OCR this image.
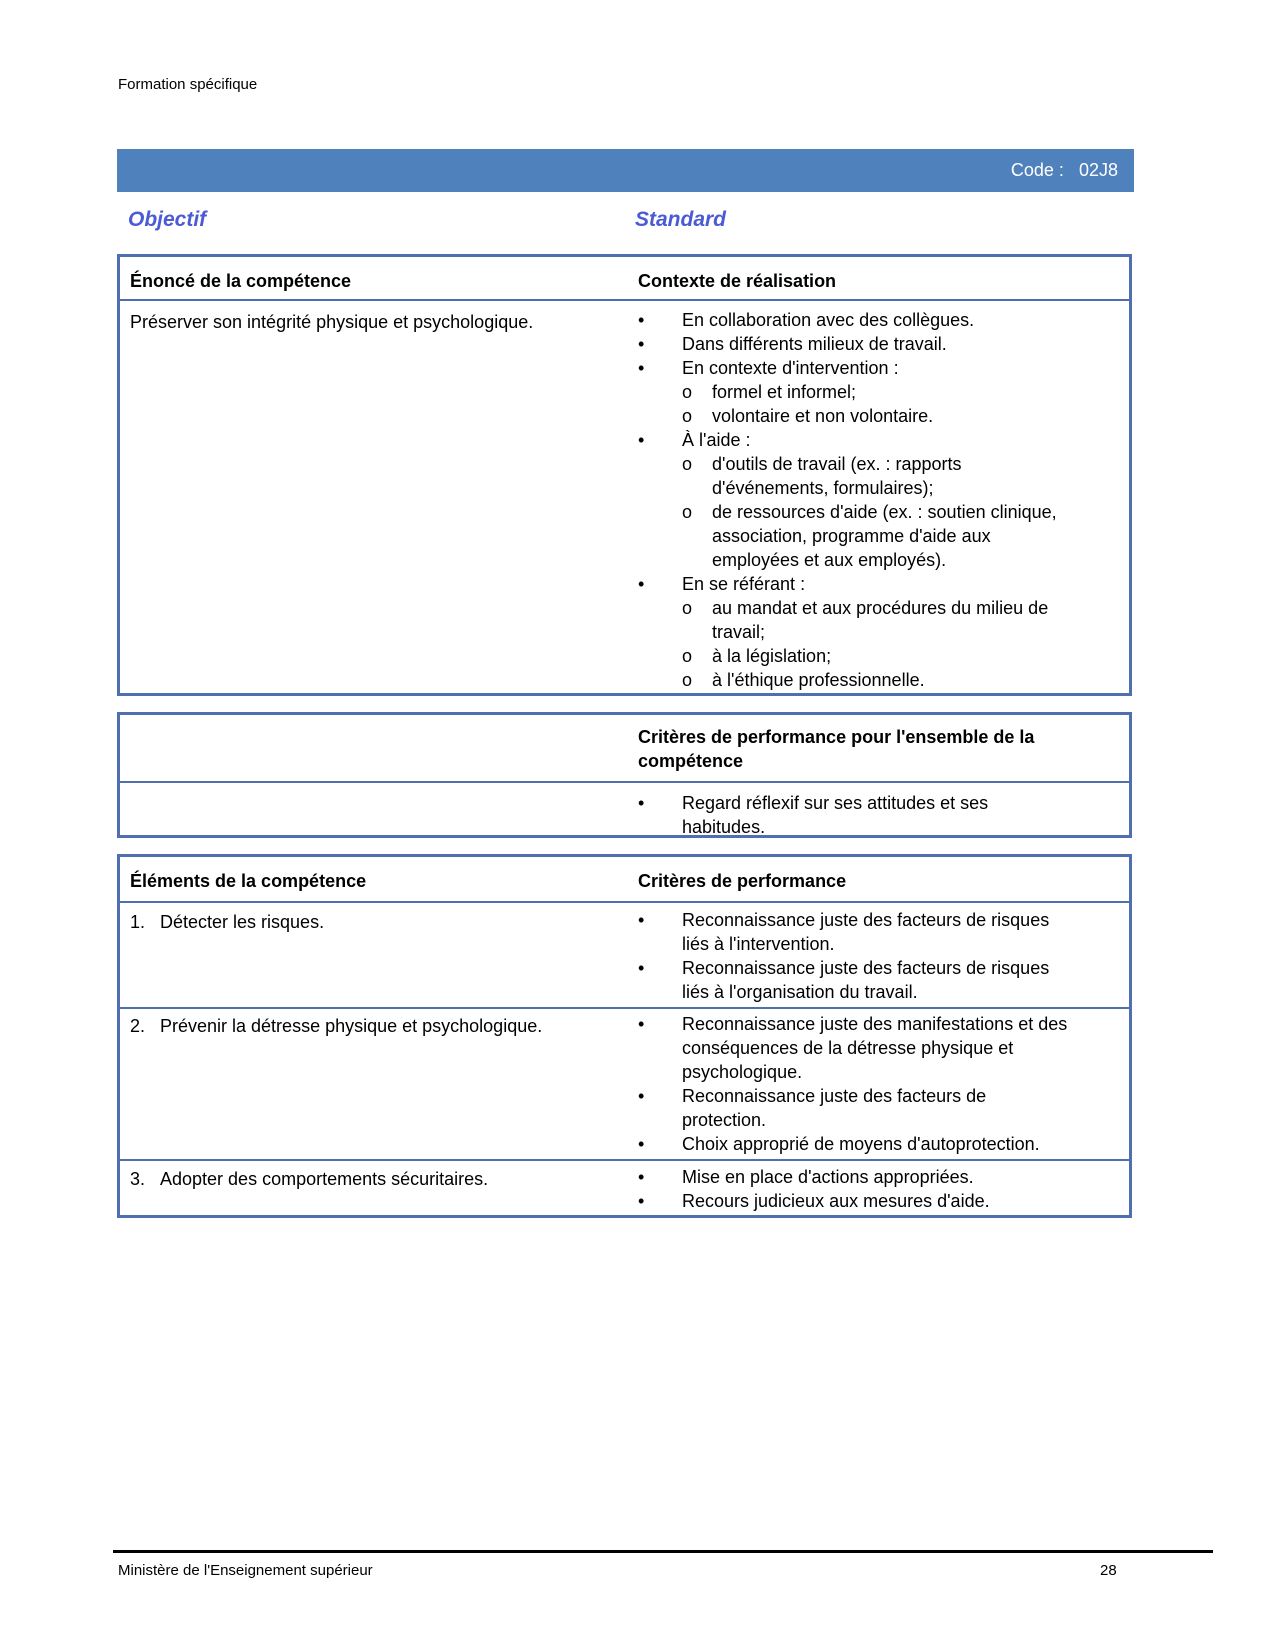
Formation spécifique
Code : 02J8
Objectif	Standard
Énoncé de la compétence	Contexte de réalisation
Préserver son intégrité physique et psychologique.	• En collaboration avec des collègues.
• Dans différents milieux de travail.
• En contexte d'intervention :
o formel et informel;
o volontaire et non volontaire.
• À l'aide :
o d'outils de travail (ex. : rapports
d'événements, formulaires);
o de ressources d'aide (ex. : soutien clinique,
association, programme d'aide aux
employées et aux employés).
• En se référant :
o au mandat et aux procédures du milieu de
travail;
o à la législation;
o à l'éthique professionnelle.
Critères de performance pour l'ensemble de la
compétence
• Regard réflexif sur ses attitudes et ses
habitudes.
Éléments de la compétence	Critères de performance
1. Détecter les risques.	• Reconnaissance juste des facteurs de risques
liés à l'intervention.
• Reconnaissance juste des facteurs de risques
liés à l'organisation du travail.
2. Prévenir la détresse physique et psychologique.	• Reconnaissance juste des manifestations et des
conséquences de la détresse physique et
psychologique.
• Reconnaissance juste des facteurs de
protection.
• Choix approprié de moyens d'autoprotection.
3. Adopter des comportements sécuritaires.	• Mise en place d'actions appropriées.
• Recours judicieux aux mesures d'aide.
Ministère de l'Enseignement supérieur	28
